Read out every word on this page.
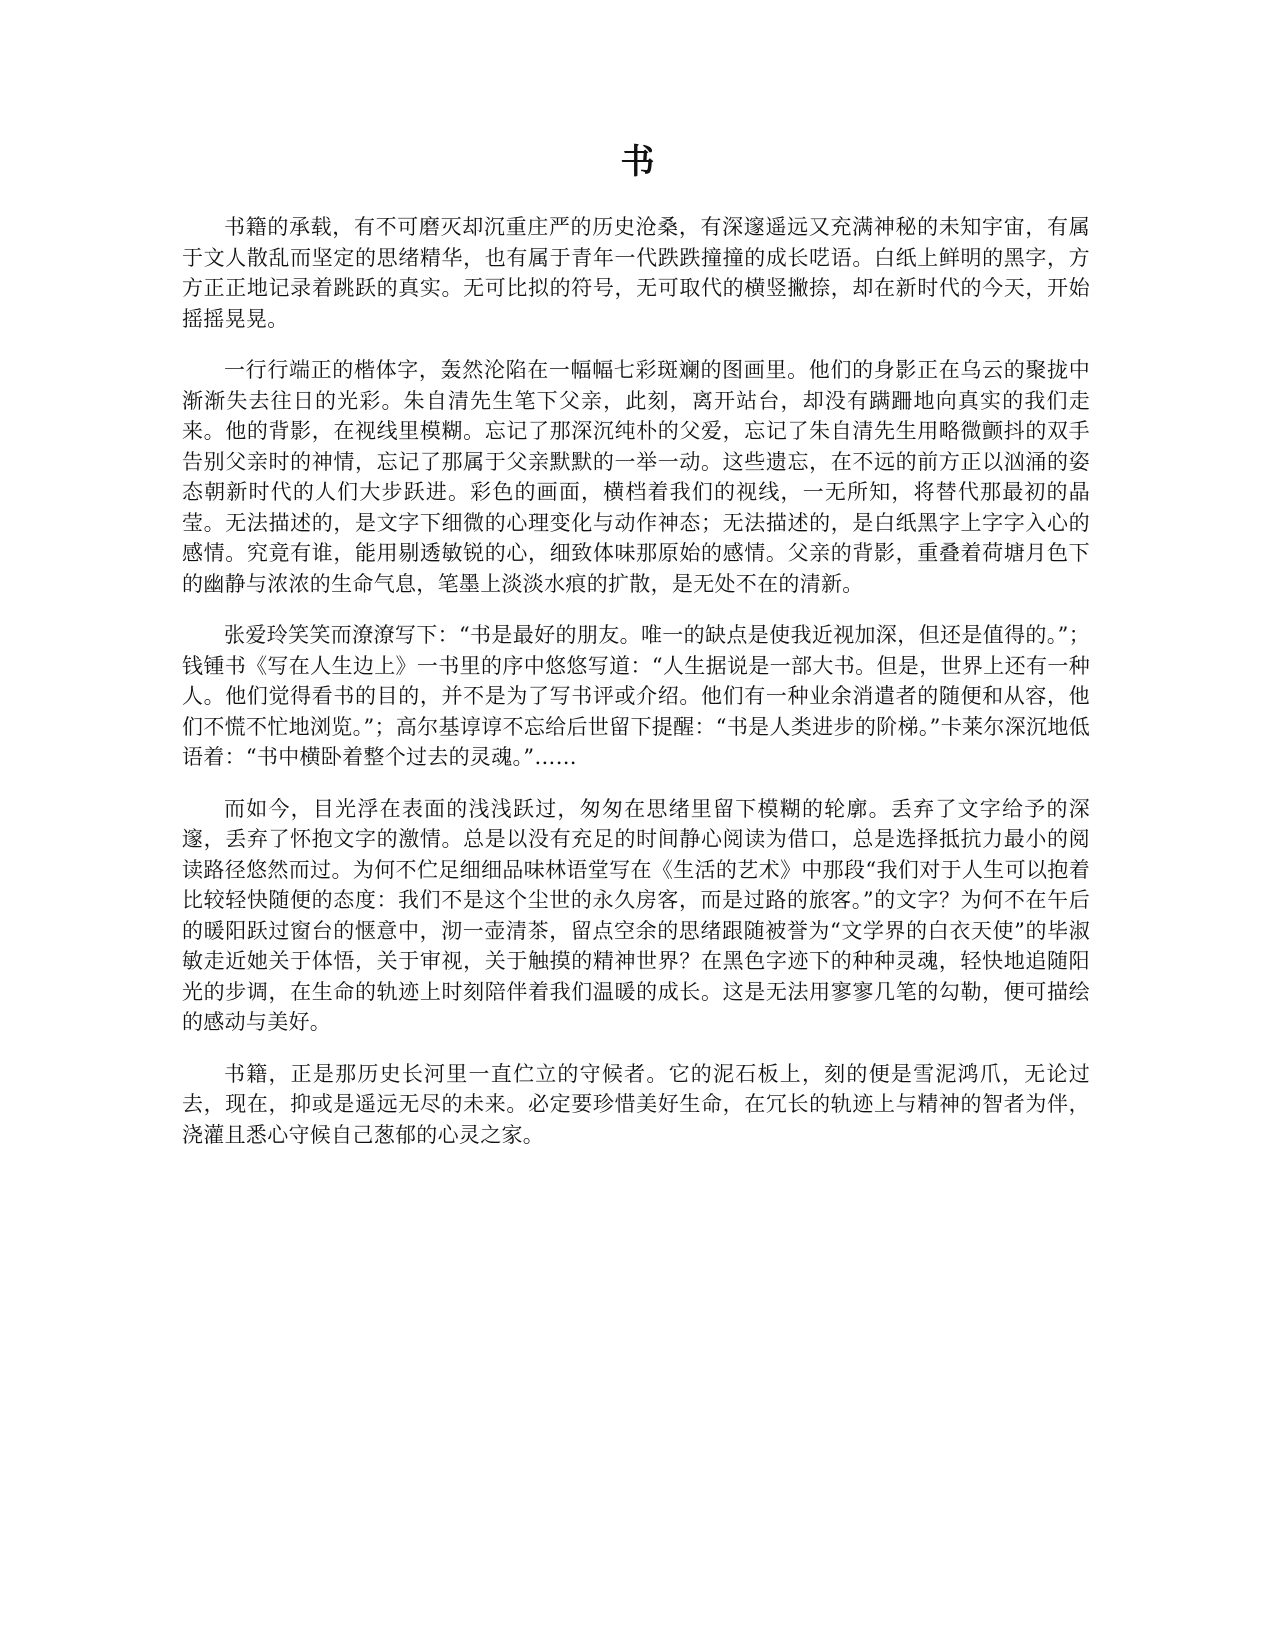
书

书籍的承载，有不可磨灭却沉重庄严的历史沧桑，有深邃遥远又充满神秘的未知宇宙，有属于文人散乱而坚定的思绪精华，也有属于青年一代跌跌撞撞的成长呓语。白纸上鲜明的黑字，方方正正地记录着跳跃的真实。无可比拟的符号，无可取代的横竖撇捺，却在新时代的今天，开始摇摇晃晃。

一行行端正的楷体字，轰然沦陷在一幅幅七彩斑斓的图画里。他们的身影正在乌云的聚拢中渐渐失去往日的光彩。朱自清先生笔下父亲，此刻，离开站台，却没有蹒跚地向真实的我们走来。他的背影，在视线里模糊。忘记了那深沉纯朴的父爱，忘记了朱自清先生用略微颤抖的双手告别父亲时的神情，忘记了那属于父亲默默的一举一动。这些遗忘，在不远的前方正以汹涌的姿态朝新时代的人们大步跃进。彩色的画面，横档着我们的视线，一无所知，将替代那最初的晶莹。无法描述的，是文字下细微的心理变化与动作神态；无法描述的，是白纸黑字上字字入心的感情。究竟有谁，能用剔透敏锐的心，细致体味那原始的感情。父亲的背影，重叠着荷塘月色下的幽静与浓浓的生命气息，笔墨上淡淡水痕的扩散，是无处不在的清新。

张爱玲笑笑而潦潦写下：“书是最好的朋友。唯一的缺点是使我近视加深，但还是值得的。”；钱锺书《写在人生边上》一书里的序中悠悠写道：“人生据说是一部大书。但是，世界上还有一种人。他们觉得看书的目的，并不是为了写书评或介绍。他们有一种业余消遣者的随便和从容，他们不慌不忙地浏览。”；高尔基谆谆不忘给后世留下提醒：“书是人类进步的阶梯。”卡莱尔深沉地低语着：“书中横卧着整个过去的灵魂。”……

而如今，目光浮在表面的浅浅跃过，匆匆在思绪里留下模糊的轮廓。丢弃了文字给予的深邃，丢弃了怀抱文字的激情。总是以没有充足的时间静心阅读为借口，总是选择抵抗力最小的阅读路径悠然而过。为何不伫足细细品味林语堂写在《生活的艺术》中那段“我们对于人生可以抱着比较轻快随便的态度：我们不是这个尘世的永久房客，而是过路的旅客。”的文字？为何不在午后的暖阳跃过窗台的惬意中，沏一壶清茶，留点空余的思绪跟随被誉为“文学界的白衣天使”的毕淑敏走近她关于体悟，关于审视，关于触摸的精神世界？在黑色字迹下的种种灵魂，轻快地追随阳光的步调，在生命的轨迹上时刻陪伴着我们温暖的成长。这是无法用寥寥几笔的勾勒，便可描绘的感动与美好。

书籍，正是那历史长河里一直伫立的守候者。它的泥石板上，刻的便是雪泥鸿爪，无论过去，现在，抑或是遥远无尽的未来。必定要珍惜美好生命，在冗长的轨迹上与精神的智者为伴，浇灌且悉心守候自己葱郁的心灵之家。
